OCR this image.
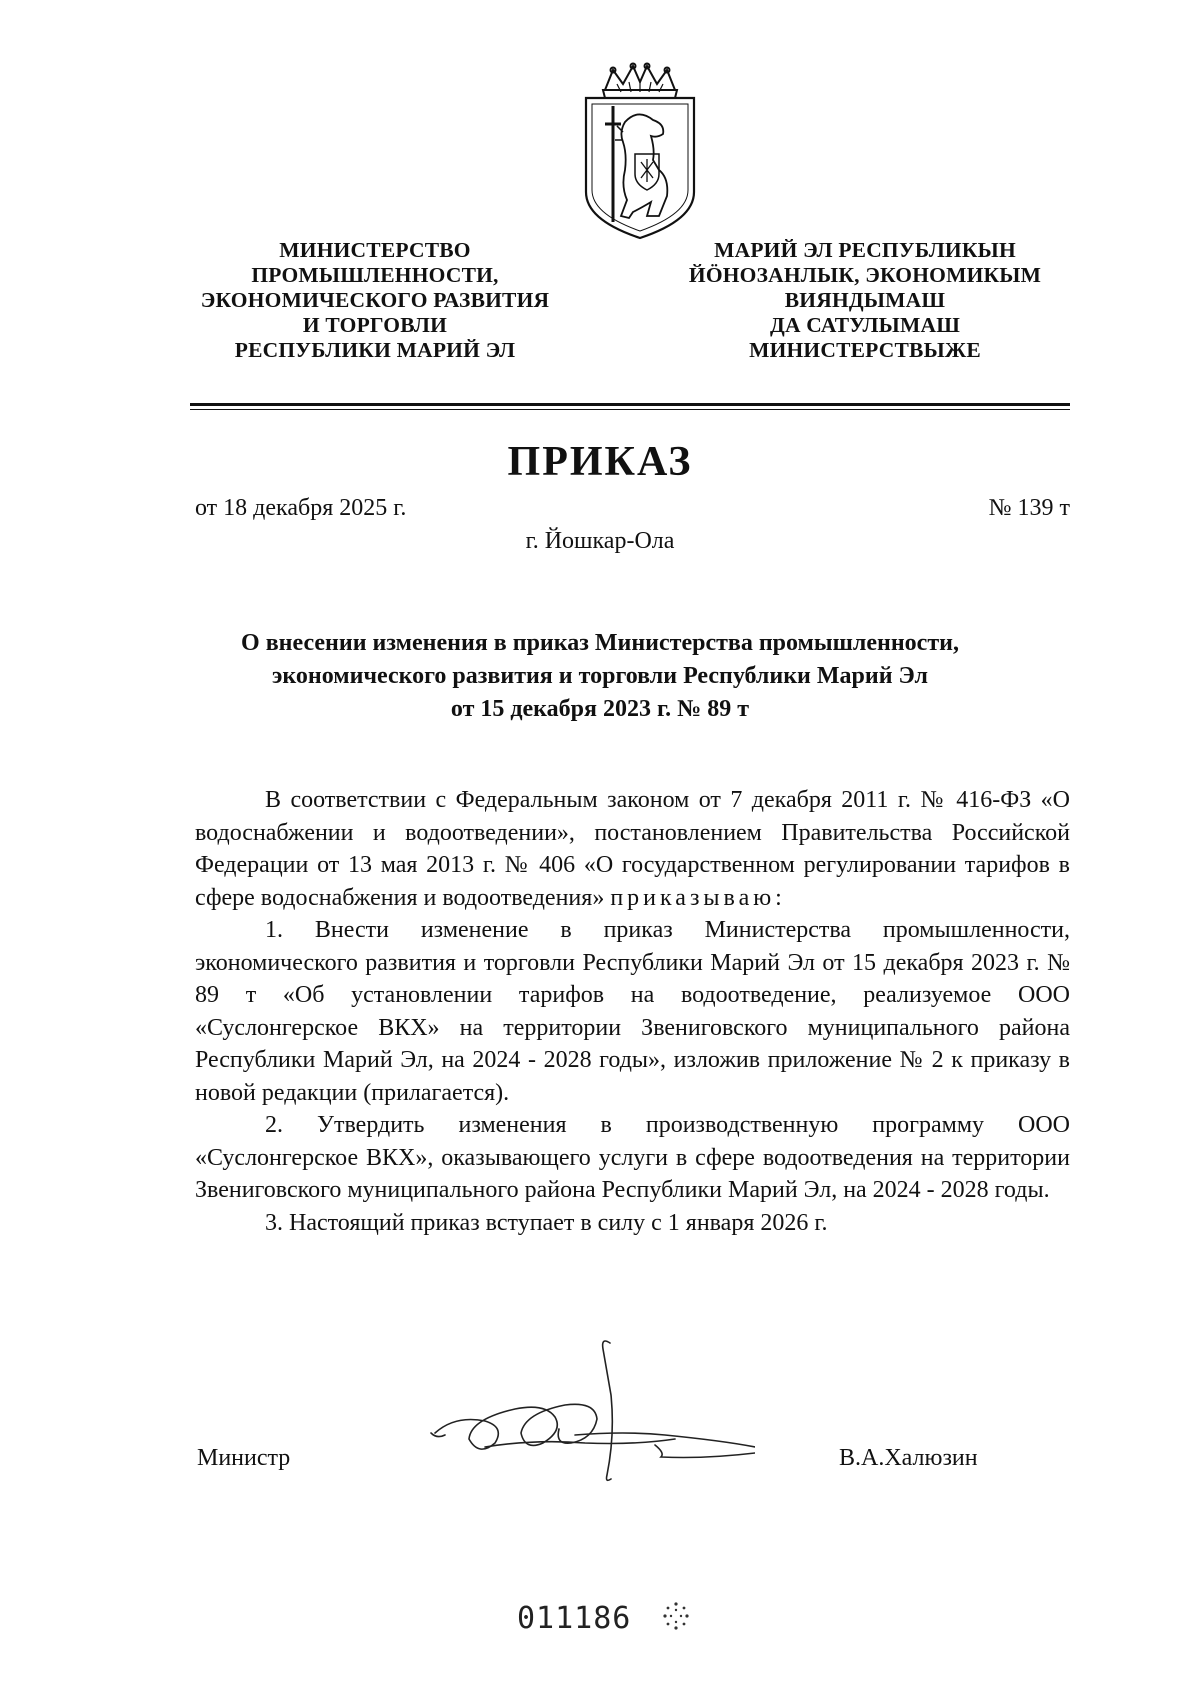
МИНИСТЕРСТВО
ПРОМЫШЛЕННОСТИ,
ЭКОНОМИЧЕСКОГО РАЗВИТИЯ
И ТОРГОВЛИ
РЕСПУБЛИКИ МАРИЙ ЭЛ
МАРИЙ ЭЛ РЕСПУБЛИКЫН
ЙӦНОЗАНЛЫК, ЭКОНОМИКЫМ
ВИЯНДЫМАШ
ДА САТУЛЫМАШ
МИНИСТЕРСТВЫЖЕ
ПРИКАЗ
от 18 декабря 2025 г.	№ 139 т
г. Йошкар-Ола
О внесении изменения в приказ Министерства промышленности,
экономического развития и торговли Республики Марий Эл
от 15 декабря 2023 г. № 89 т

В соответствии с Федеральным законом от 7 декабря 2011 г. № 416-ФЗ «О водоснабжении и водоотведении», постановлением Правительства Российской Федерации от 13 мая 2013 г. № 406 «О государственном регулировании тарифов в сфере водоснабжения и водоотведения» приказываю:

1. Внести изменение в приказ Министерства промышленности, экономического развития и торговли Республики Марий Эл от 15 декабря 2023 г. № 89 т «Об установлении тарифов на водоотведение, реализуемое ООО «Суслонгерское ВКХ» на территории Звениговского муниципального района Республики Марий Эл, на 2024 - 2028 годы», изложив приложение № 2 к приказу в новой редакции (прилагается).

2. Утвердить изменения в производственную программу ООО «Суслонгерское ВКХ», оказывающего услуги в сфере водоотведения на территории Звениговского муниципального района Республики Марий Эл, на 2024 - 2028 годы.

3. Настоящий приказ вступает в силу с 1 января 2026 г.

Министр	В.А.Халюзин
011186
